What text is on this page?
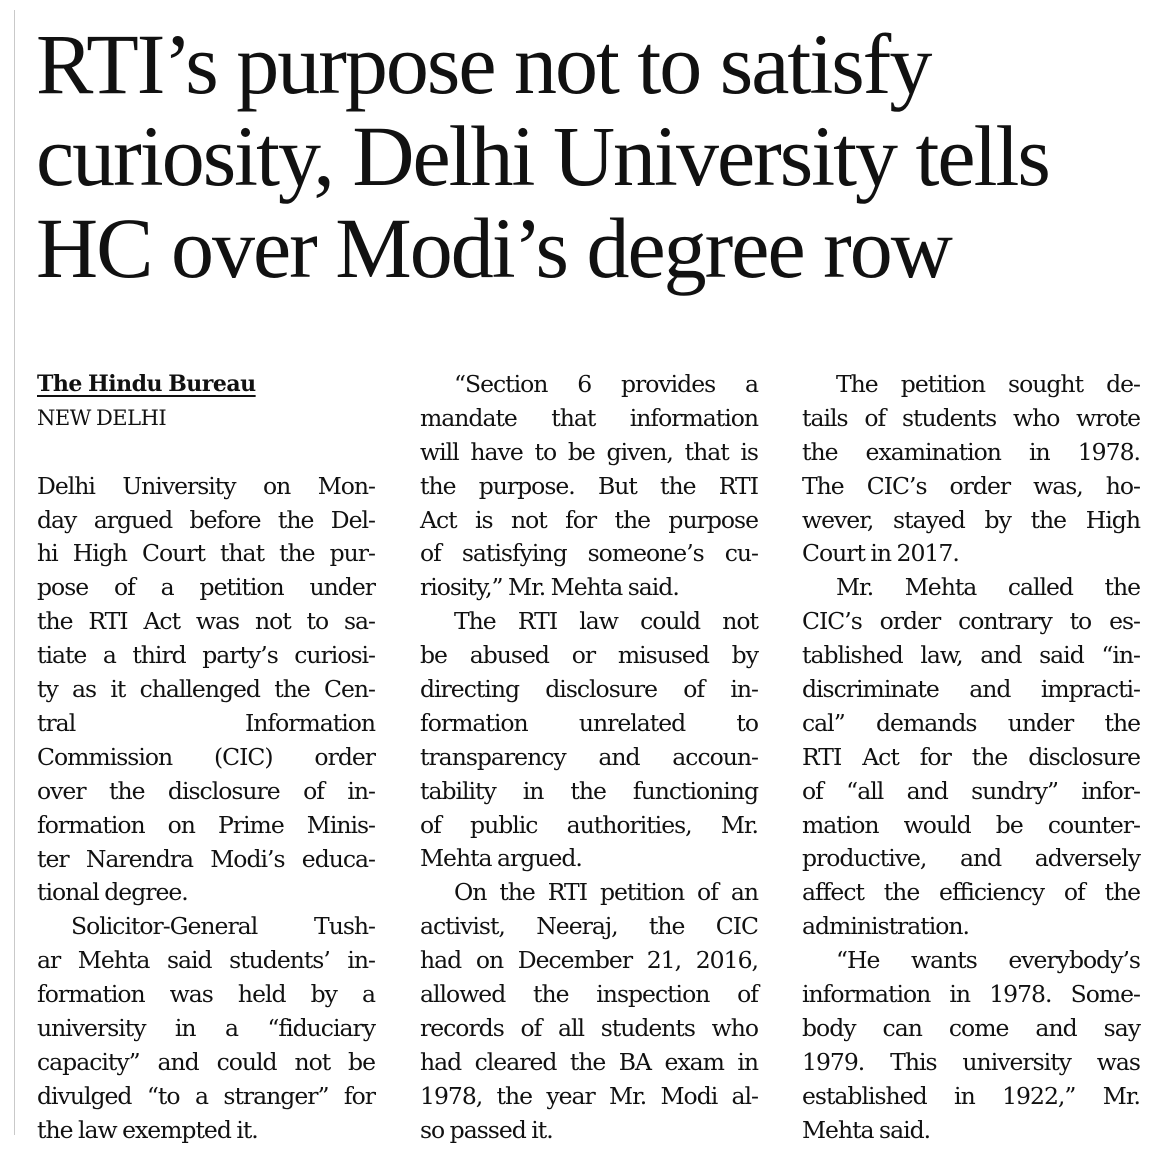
RTI’s purpose not to satisfy
curiosity, Delhi University tells
HC over Modi’s degree row
The Hindu Bureau
NEW DELHI
Delhi University on Mon-
day argued before the Del-
hi High Court that the pur-
pose of a petition under
the RTI Act was not to sa-
tiate a third party’s curiosi-
ty as it challenged the Cen-
tral Information
Commission (CIC) order
over the disclosure of in-
formation on Prime Minis-
ter Narendra Modi’s educa-
tional degree.
Solicitor-General Tush-
ar Mehta said students’ in-
formation was held by a
university in a “fiduciary
capacity” and could not be
divulged “to a stranger” for
the law exempted it.
“Section 6 provides a
mandate that information
will have to be given, that is
the purpose. But the RTI
Act is not for the purpose
of satisfying someone’s cu-
riosity,” Mr. Mehta said.
The RTI law could not
be abused or misused by
directing disclosure of in-
formation unrelated to
transparency and accoun-
tability in the functioning
of public authorities, Mr.
Mehta argued.
On the RTI petition of an
activist, Neeraj, the CIC
had on December 21, 2016,
allowed the inspection of
records of all students who
had cleared the BA exam in
1978, the year Mr. Modi al-
so passed it.
The petition sought de-
tails of students who wrote
the examination in 1978.
The CIC’s order was, ho-
wever, stayed by the High
Court in 2017.
Mr. Mehta called the
CIC’s order contrary to es-
tablished law, and said “in-
discriminate and impracti-
cal” demands under the
RTI Act for the disclosure
of “all and sundry” infor-
mation would be counter-
productive, and adversely
affect the efficiency of the
administration.
“He wants everybody’s
information in 1978. Some-
body can come and say
1979. This university was
established in 1922,” Mr.
Mehta said.
